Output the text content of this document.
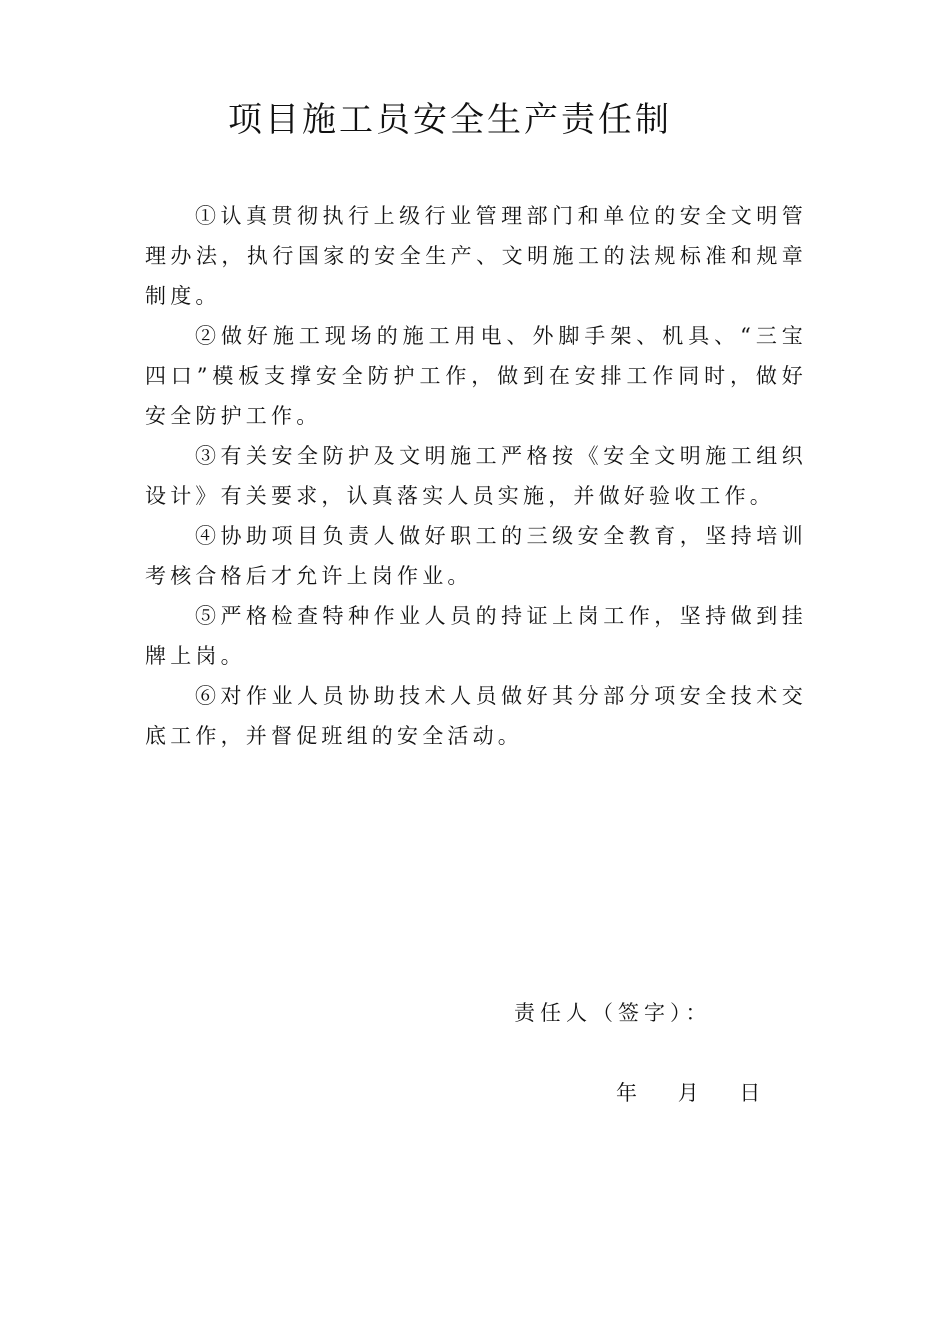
项目施工员安全生产责任制

①认真贯彻执行上级行业管理部门和单位的安全文明管理办法，执行国家的安全生产、文明施工的法规标准和规章制度。

②做好施工现场的施工用电、外脚手架、机具、“三宝四口”模板支撑安全防护工作，做到在安排工作同时，做好安全防护工作。

③有关安全防护及文明施工严格按《安全文明施工组织设计》有关要求，认真落实人员实施，并做好验收工作。

④协助项目负责人做好职工的三级安全教育，坚持培训考核合格后才允许上岗作业。

⑤严格检查特种作业人员的持证上岗工作，坚持做到挂牌上岗。

⑥对作业人员协助技术人员做好其分部分项安全技术交底工作，并督促班组的安全活动。

责任人（签字）：
年 月 日
